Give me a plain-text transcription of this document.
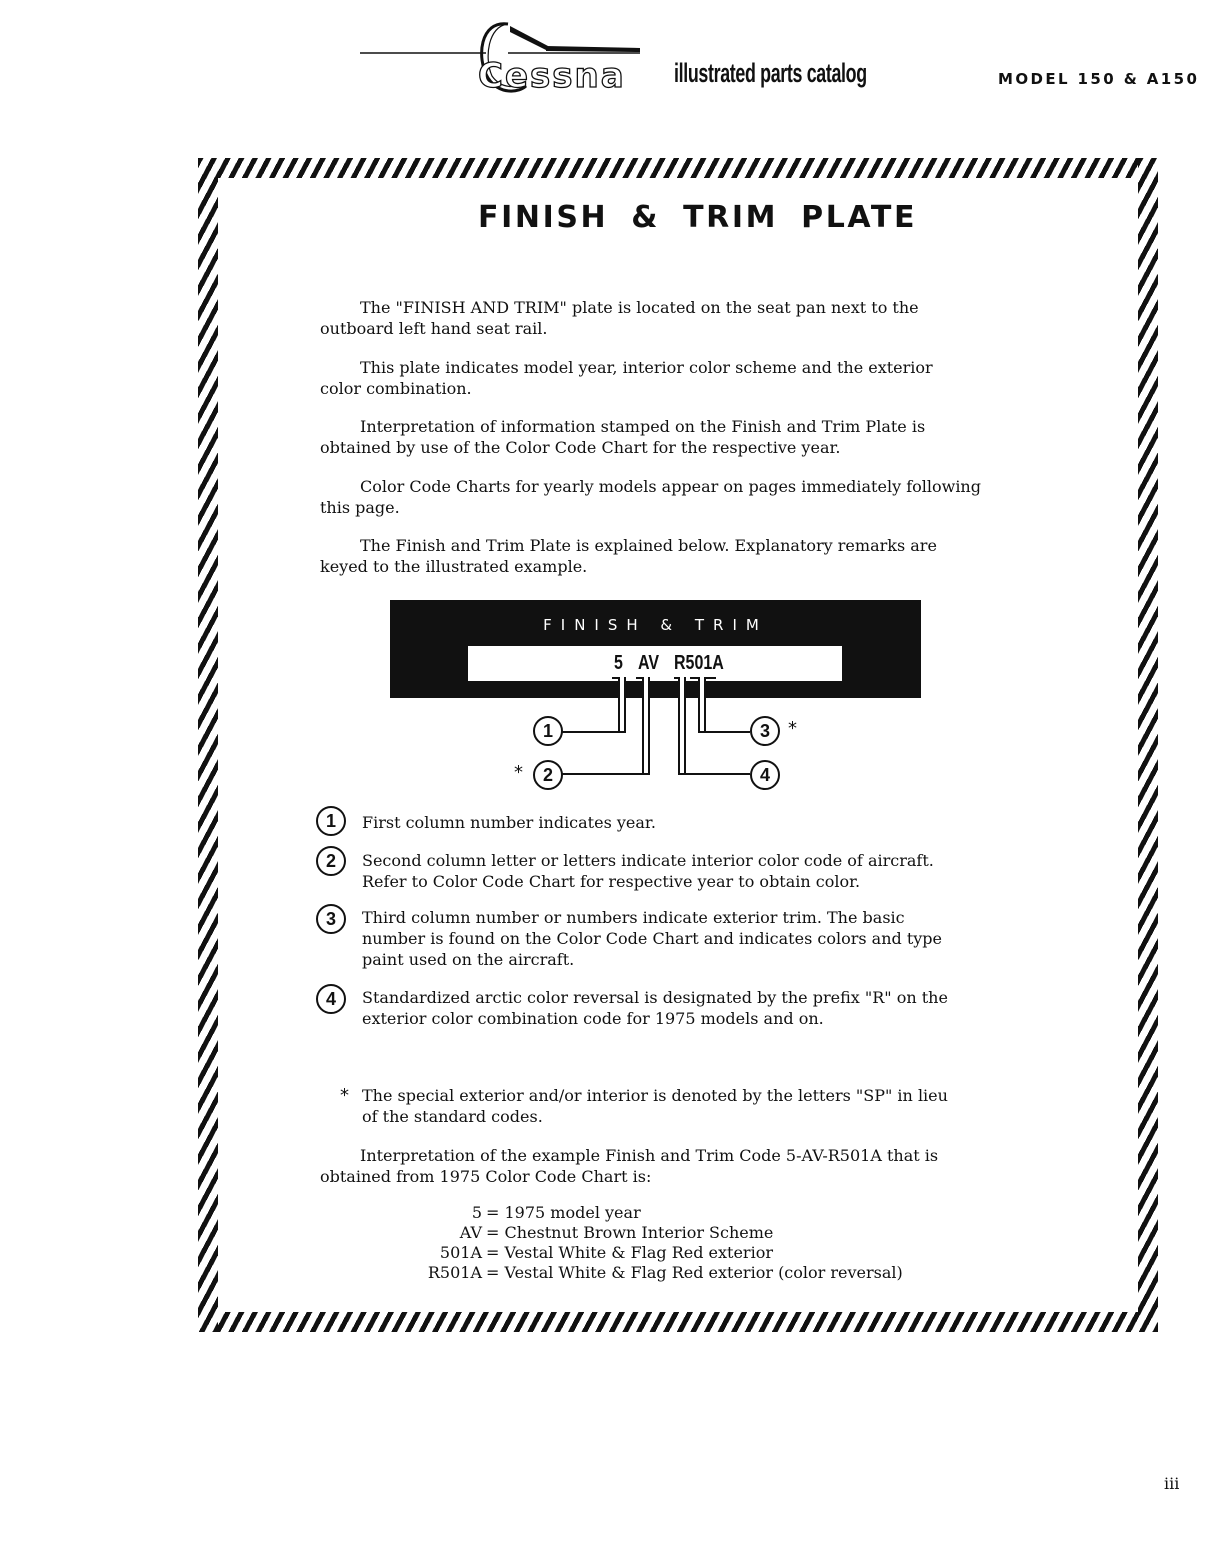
Cessna illustrated parts catalog	MODEL 150 & A150
FINISH & TRIM PLATE
The "FINISH AND TRIM" plate is located on the seat pan next to the
outboard left hand seat rail.
This plate indicates model year, interior color scheme and the exterior
color combination.
Interpretation of information stamped on the Finish and Trim Plate is
obtained by use of the Color Code Chart for the respective year.
Color Code Charts for yearly models appear on pages immediately following
this page.
The Finish and Trim Plate is explained below. Explanatory remarks are
keyed to the illustrated example.
FINISH & TRIM
5 AV R501A
1
2
*
3	*
4
1	First column number indicates year.
2	Second column letter or letters indicate interior color code of aircraft.
Refer to Color Code Chart for respective year to obtain color.
3	Third column number or numbers indicate exterior trim. The basic
number is found on the Color Code Chart and indicates colors and type
paint used on the aircraft.
4	Standardized arctic color reversal is designated by the prefix "R" on the
exterior color combination code for 1975 models and on.
* The special exterior and/or interior is denoted by the letters "SP" in lieu
of the standard codes.
Interpretation of the example Finish and Trim Code 5-AV-R501A that is
obtained from 1975 Color Code Chart is:
5 = 1975 model year
AV = Chestnut Brown Interior Scheme
501A = Vestal White & Flag Red exterior
R501A = Vestal White & Flag Red exterior (color reversal)
iii
